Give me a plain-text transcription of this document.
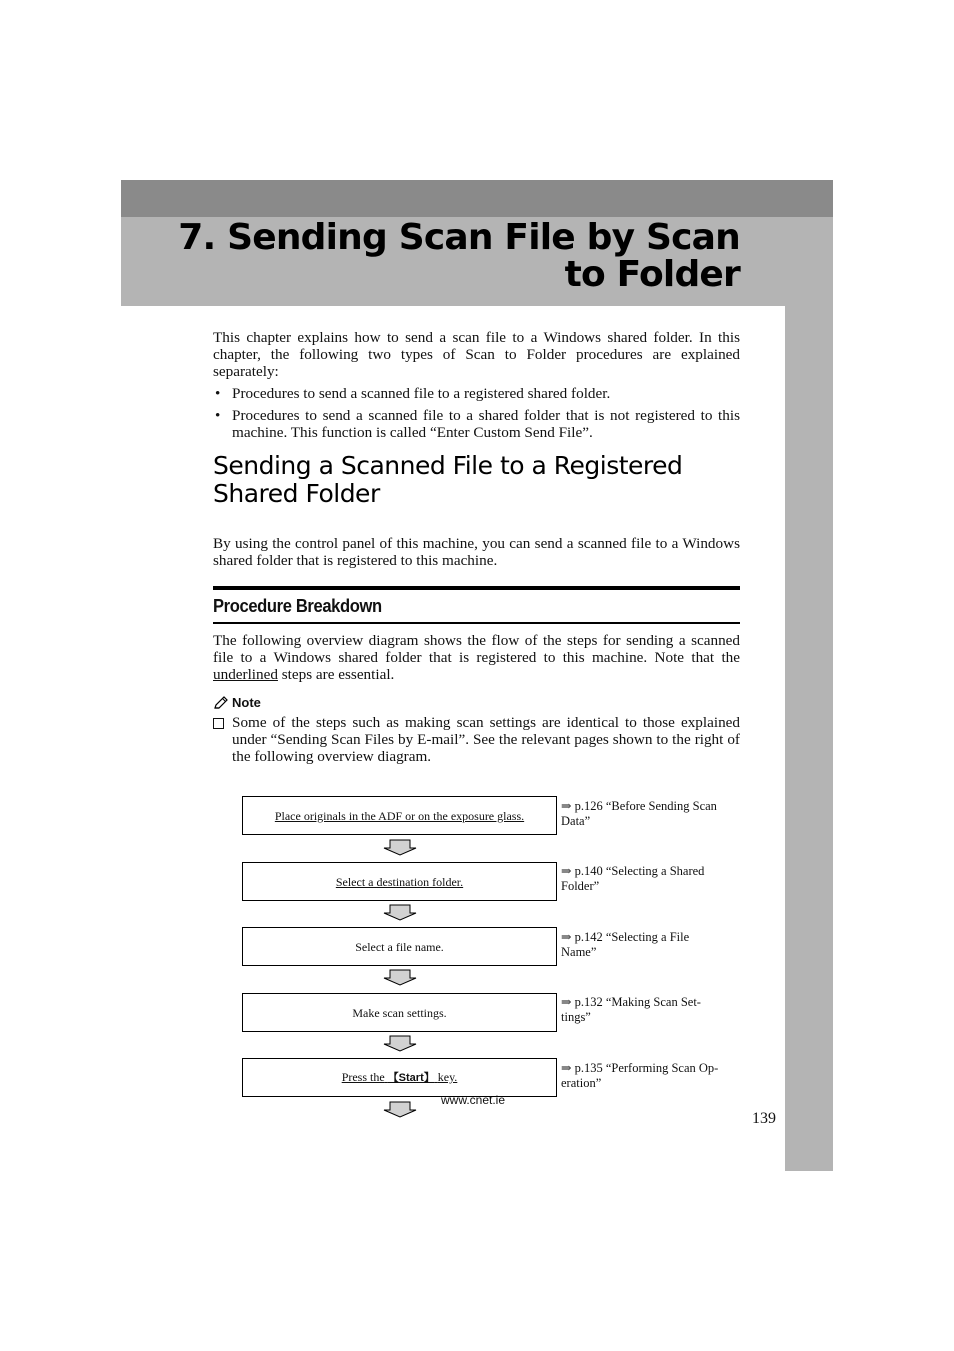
7. Sending Scan File by Scan
to Folder

This chapter explains how to send a scan file to a Windows shared folder. In this chapter, the following two types of Scan to Folder procedures are explained separately:

• Procedures to send a scanned file to a registered shared folder.
• Procedures to send a scanned file to a shared folder that is not registered to this machine. This function is called “Enter Custom Send File”.
Sending a Scanned File to a Registered
Shared Folder

By using the control panel of this machine, you can send a scanned file to a Windows shared folder that is registered to this machine.

Procedure Breakdown

The following overview diagram shows the flow of the steps for sending a scanned file to a Windows shared folder that is registered to this machine. Note that the underlined steps are essential.

Note
Some of the steps such as making scan settings are identical to those explained under “Sending Scan Files by E-mail”. See the relevant pages shown to the right of the following overview diagram.
Place originals in the ADF or on the exposure glass.
⇒ p.126 “Before Sending Scan
Data”
Select a destination folder.
⇒ p.140 “Selecting a Shared
Folder”
Select a file name.
⇒ p.142 “Selecting a File
Name”
Make scan settings.
⇒ p.132 “Making Scan Set-
tings”
Press the 【Start】 key.
⇒ p.135 “Performing Scan Op-
eration”
www.cnet.ie
139
